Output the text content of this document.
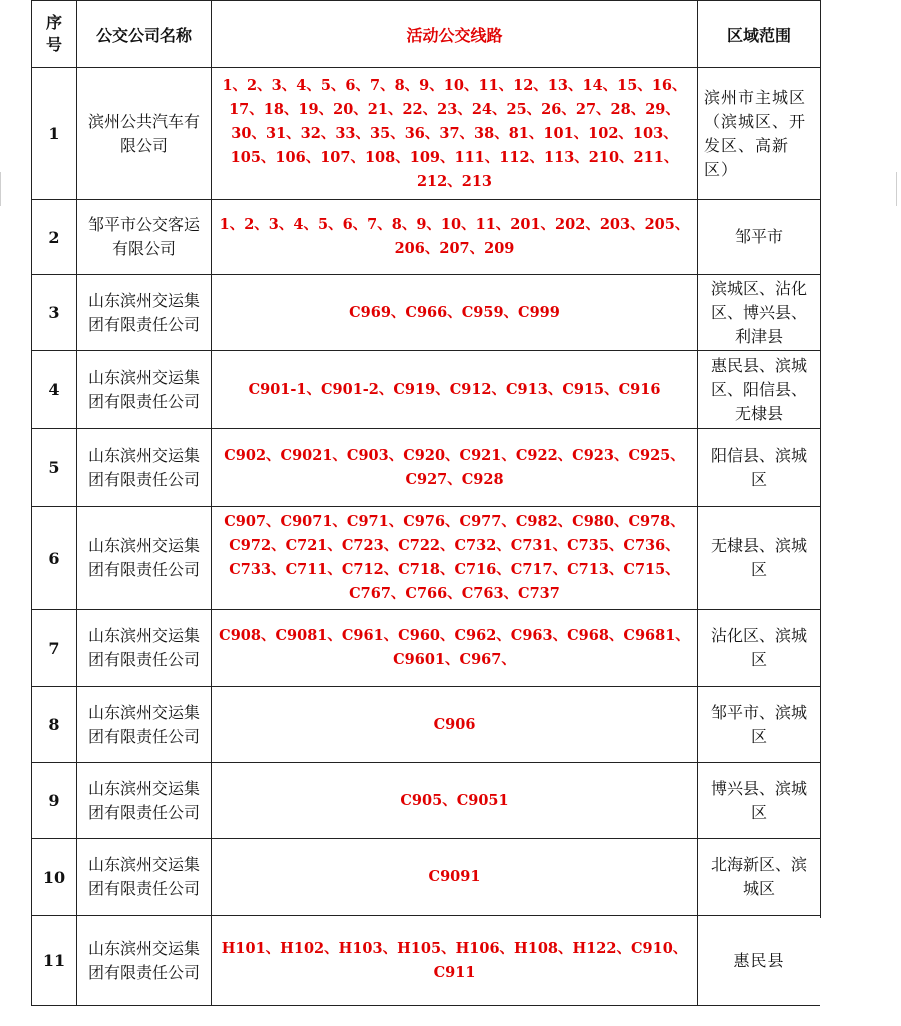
序号	公交公司名称	活动公交线路	区域范围
1	滨州公共汽车有限公司	1、2、3、4、5、6、7、8、9、10、11、12、13、14、15、16、17、18、19、20、21、22、23、24、25、26、27、28、29、30、31、32、33、35、36、37、38、81、101、102、103、105、106、107、108、109、111、112、113、210、211、212、213	滨州市主城区（滨城区、开发区、高新区）
2	邹平市公交客运有限公司	1、2、3、4、5、6、7、8、9、10、11、201、202、203、205、206、207、209	邹平市
3	山东滨州交运集团有限责任公司	C969、C966、C959、C999	滨城区、沾化区、博兴县、利津县
4	山东滨州交运集团有限责任公司	C901-1、C901-2、C919、C912、C913、C915、C916	惠民县、滨城区、阳信县、无棣县
5	山东滨州交运集团有限责任公司	C902、C9021、C903、C920、C921、C922、C923、C925、C927、C928	阳信县、滨城区
6	山东滨州交运集团有限责任公司	C907、C9071、C971、C976、C977、C982、C980、C978、C972、C721、C723、C722、C732、C731、C735、C736、C733、C711、C712、C718、C716、C717、C713、C715、C767、C766、C763、C737	无棣县、滨城区
7	山东滨州交运集团有限责任公司	C908、C9081、C961、C960、C962、C963、C968、C9681、C9601、C967、	沾化区、滨城区
8	山东滨州交运集团有限责任公司	C906	邹平市、滨城区
9	山东滨州交运集团有限责任公司	C905、C9051	博兴县、滨城区
10	山东滨州交运集团有限责任公司	C9091	北海新区、滨城区
11	山东滨州交运集团有限责任公司	H101、H102、H103、H105、H106、H108、H122、C910、C911	惠民县
